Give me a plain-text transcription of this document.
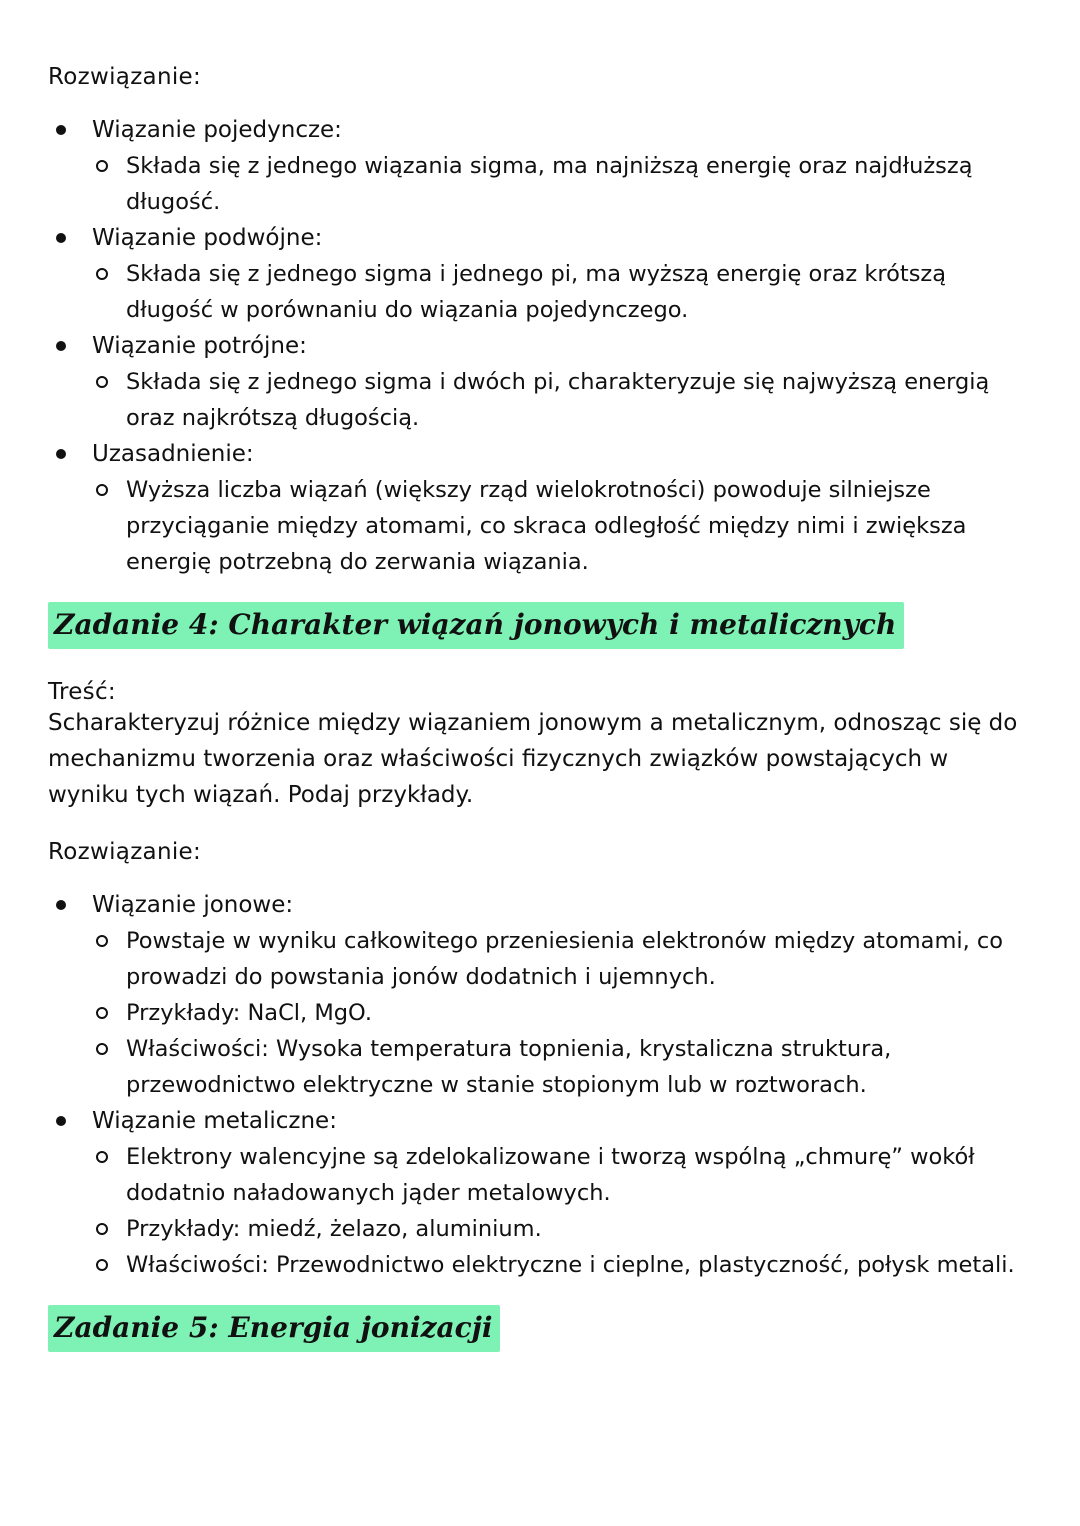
Rozwiązanie:

Wiązanie pojedyncze:
Składa się z jednego wiązania sigma, ma najniższą energię oraz najdłuższą długość.
Wiązanie podwójne:
Składa się z jednego sigma i jednego pi, ma wyższą energię oraz krótszą długość w porównaniu do wiązania pojedynczego.
Wiązanie potrójne:
Składa się z jednego sigma i dwóch pi, charakteryzuje się najwyższą energią oraz najkrótszą długością.
Uzasadnienie:
Wyższa liczba wiązań (większy rząd wielokrotności) powoduje silniejsze przyciąganie między atomami, co skraca odległość między nimi i zwiększa energię potrzebną do zerwania wiązania.
Zadanie 4: Charakter wiązań jonowych i metalicznych

Treść:

Scharakteryzuj różnice między wiązaniem jonowym a metalicznym, odnosząc się do mechanizmu tworzenia oraz właściwości fizycznych związków powstających w wyniku tych wiązań. Podaj przykłady.

Rozwiązanie:

Wiązanie jonowe:
Powstaje w wyniku całkowitego przeniesienia elektronów między atomami, co prowadzi do powstania jonów dodatnich i ujemnych.
Przykłady: NaCl, MgO.
Właściwości: Wysoka temperatura topnienia, krystaliczna struktura, przewodnictwo elektryczne w stanie stopionym lub w roztworach.
Wiązanie metaliczne:
Elektrony walencyjne są zdelokalizowane i tworzą wspólną „chmurę” wokół dodatnio naładowanych jąder metalowych.
Przykłady: miedź, żelazo, aluminium.
Właściwości: Przewodnictwo elektryczne i cieplne, plastyczność, połysk metali.
Zadanie 5: Energia jonizacji
